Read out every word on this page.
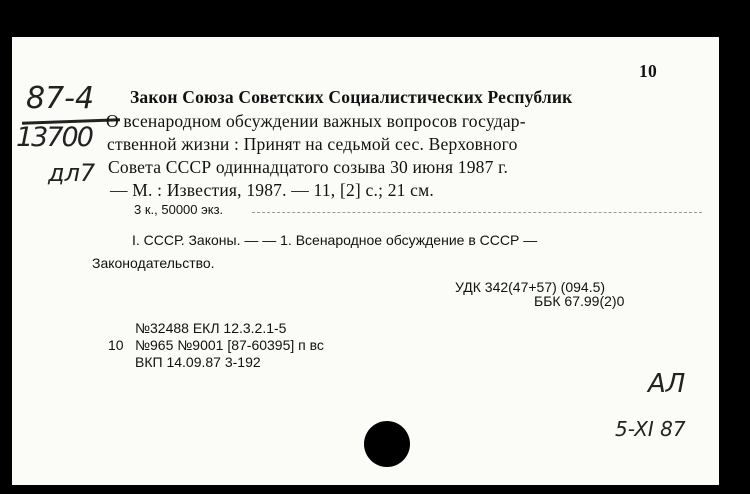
10
87-4
13700
дл7
Закон Союза Советских Социалистических Республик
О всенародном обсуждении важных вопросов государ-
ственной жизни : Принят на седьмой сес. Верховного
Совета СССР одиннадцатого созыва 30 июня 1987 г.
— М. : Известия, 1987. — 11, [2] с.; 21 см.
3 к., 50000 экз.
I. СССР. Законы. — — 1. Всенародное обсуждение в СССР —
Законодательство.
УДК 342(47+57) (094.5)
ББК 67.99(2)0
№32488 ЕКЛ 12.3.2.1-5
10 №965 №9001 [87-60395] п вс
ВКП 14.09.87 3-192
АЛ
5-XI 87
